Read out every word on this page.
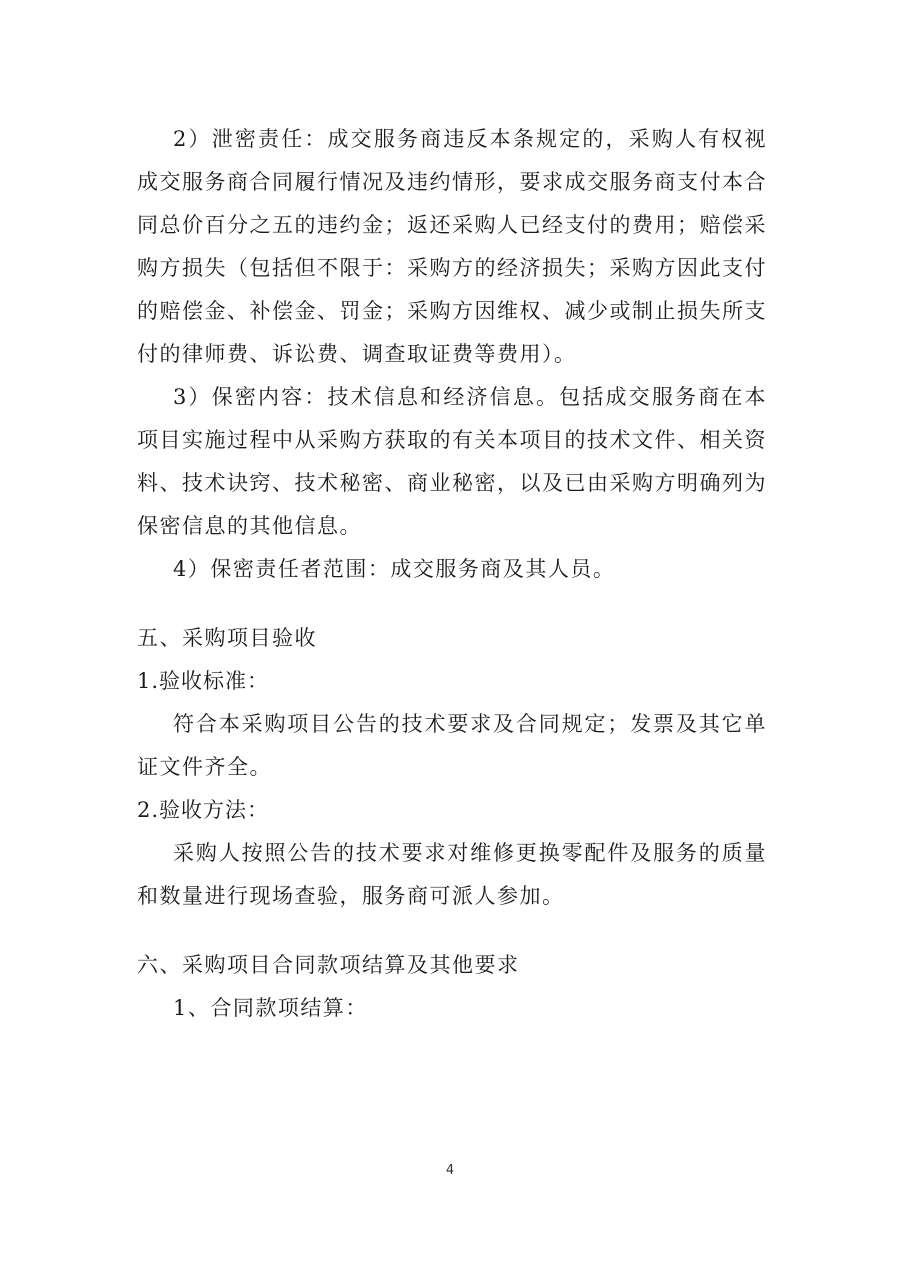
2）泄密责任：成交服务商违反本条规定的，采购人有权视成交服务商合同履行情况及违约情形，要求成交服务商支付本合同总价百分之五的违约金；返还采购人已经支付的费用；赔偿采购方损失（包括但不限于：采购方的经济损失；采购方因此支付的赔偿金、补偿金、罚金；采购方因维权、减少或制止损失所支付的律师费、诉讼费、调查取证费等费用）。

3）保密内容：技术信息和经济信息。包括成交服务商在本项目实施过程中从采购方获取的有关本项目的技术文件、相关资料、技术诀窍、技术秘密、商业秘密，以及已由采购方明确列为保密信息的其他信息。

4）保密责任者范围：成交服务商及其人员。

五、采购项目验收

1.验收标准：

符合本采购项目公告的技术要求及合同规定；发票及其它单证文件齐全。

2.验收方法：

采购人按照公告的技术要求对维修更换零配件及服务的质量和数量进行现场查验，服务商可派人参加。

六、采购项目合同款项结算及其他要求

1、合同款项结算：

4
